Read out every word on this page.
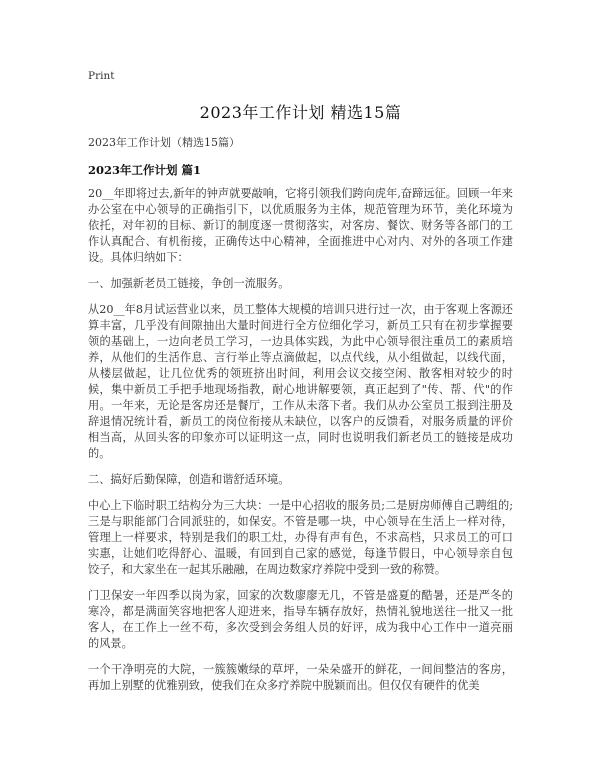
Print
2023年工作计划 精选15篇
2023年工作计划（精选15篇）
2023年工作计划 篇1

20__年即将过去,新年的钟声就要敲响，它将引领我们跨向虎年,奋蹄远征。回顾一年来办公室在中心领导的正确指引下，以优质服务为主体，规范管理为环节，美化环境为依托，对年初的目标、新订的制度逐一贯彻落实，对客房、餐饮、财务等各部门的工作认真配合、有机衔接，正确传达中心精神，全面推进中心对内、对外的各项工作建设。具体归纳如下：

一、加强新老员工链接，争创一流服务。

从20__年8月试运营业以来，员工整体大规模的培训只进行过一次，由于客观上客源还算丰富，几乎没有间隙抽出大量时间进行全方位细化学习，新员工只有在初步掌握要领的基础上，一边向老员工学习，一边具体实践，为此中心领导很注重员工的素质培养，从他们的生活作息、言行举止等点滴做起，以点代线，从小组做起，以线代面，从楼层做起，让几位优秀的领班挤出时间，利用会议交接空闲、散客相对较少的时候，集中新员工手把手地现场指教，耐心地讲解要领，真正起到了"传、帮、代"的作用。一年来，无论是客房还是餐厅，工作从未落下者。我们从办公室员工报到注册及辞退情况统计看，新员工的岗位衔接从未缺位，以客户的反馈看，对服务质量的评价相当高，从回头客的印象亦可以证明这一点，同时也说明我们新老员工的链接是成功的。

二、搞好后勤保障，创造和谐舒适环境。

中心上下临时职工结构分为三大块：一是中心招收的服务员;二是厨房师傅自己聘组的;三是与职能部门合同派驻的，如保安。不管是哪一块，中心领导在生活上一样对待，管理上一样要求，特别是我们的职工灶，办得有声有色，不求高档，只求员工的可口实惠，让她们吃得舒心、温暖，有回到自己家的感觉，每逢节假日，中心领导亲自包饺子，和大家坐在一起其乐融融，在周边数家疗养院中受到一致的称赞。

门卫保安一年四季以岗为家，回家的次数廖廖无几，不管是盛夏的酷暑，还是严冬的寒冷，都是满面笑容地把客人迎进来，指导车辆存放好，热情礼貌地送往一批又一批客人，在工作上一丝不苟，多次受到会务组人员的好评，成为我中心工作中一道亮丽的风景。

一个干净明亮的大院，一簇簇嫩绿的草坪，一朵朵盛开的鲜花，一间间整洁的客房，再加上别墅的优雅别致，使我们在众多疗养院中脱颖而出。但仅仅有硬件的优美
